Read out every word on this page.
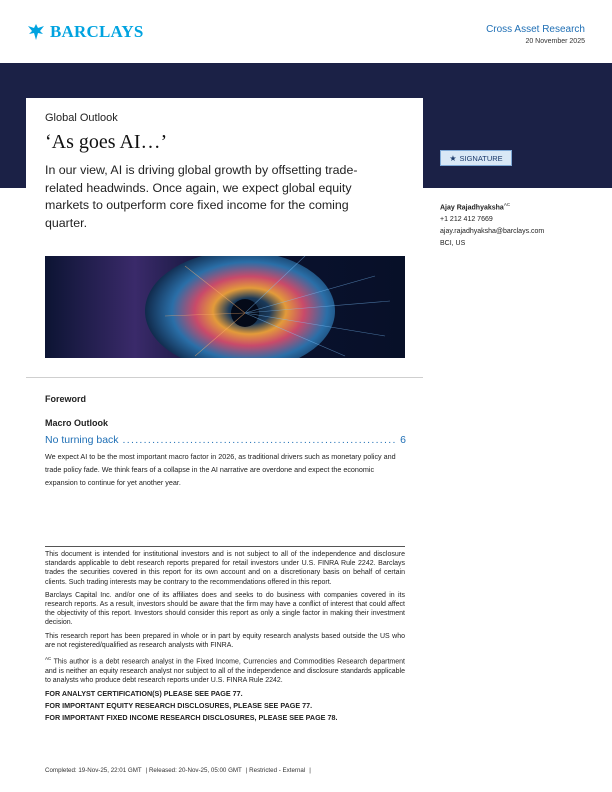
BARCLAYS	Cross Asset Research
20 November 2025
Global Outlook
‘As goes AI…’
In our view, AI is driving global growth by offsetting trade-related headwinds. Once again, we expect global equity markets to outperform core fixed income for the coming quarter.
★ SIGNATURE
Ajay Rajadhyaksha$^{AC}$
+1 212 412 7669
ajay.rajadhyaksha@barclays.com
BCI, US
Foreword
Macro Outlook
No turning back
.....	6
We expect AI to be the most important macro factor in 2026, as traditional drivers such as monetary policy and trade policy fade. We think fears of a collapse in the AI narrative are overdone and expect the economic expansion to continue for yet another year.

This document is intended for institutional investors and is not subject to all of the independence and disclosure standards applicable to debt research reports prepared for retail investors under U.S. FINRA Rule 2242. Barclays trades the securities covered in this report for its own account and on a discretionary basis on behalf of certain clients. Such trading interests may be contrary to the recommendations offered in this report.

Barclays Capital Inc. and/or one of its affiliates does and seeks to do business with companies covered in its research reports. As a result, investors should be aware that the firm may have a conflict of interest that could affect the objectivity of this report. Investors should consider this report as only a single factor in making their investment decision.

This research report has been prepared in whole or in part by equity research analysts based outside the US who are not registered/qualified as research analysts with FINRA.

$^{AC}$ This author is a debt research analyst in the Fixed Income, Currencies and Commodities Research department and is neither an equity research analyst nor subject to all of the independence and disclosure standards applicable to analysts who produce debt research reports under U.S. FINRA Rule 2242.

FOR ANALYST CERTIFICATION(S) PLEASE SEE PAGE 77.

FOR IMPORTANT EQUITY RESEARCH DISCLOSURES, PLEASE SEE PAGE 77.

FOR IMPORTANT FIXED INCOME RESEARCH DISCLOSURES, PLEASE SEE PAGE 78.

Completed: 19-Nov-25, 22:01 GMT | Released: 20-Nov-25, 05:00 GMT | Restricted - External |
